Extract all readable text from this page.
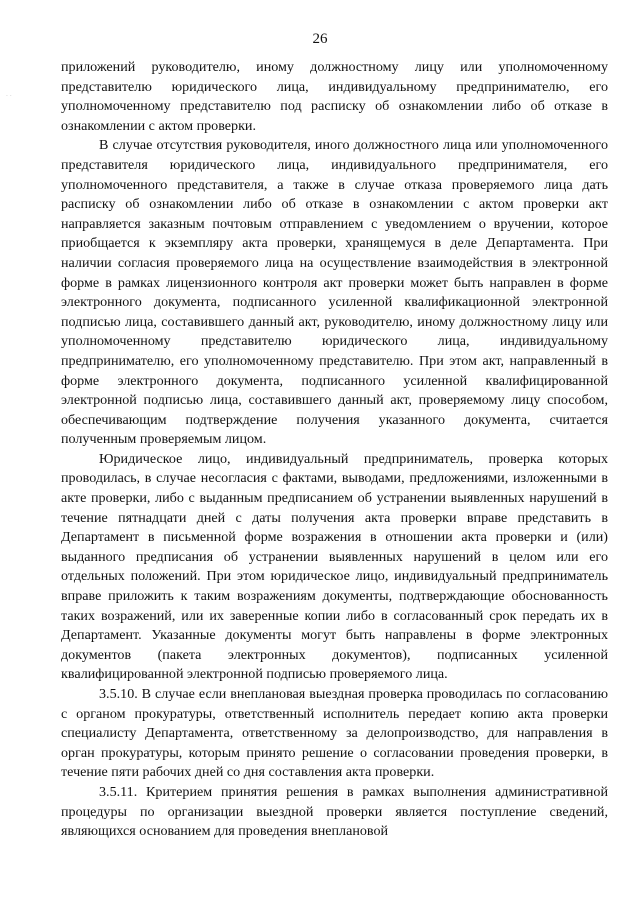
. .
26

приложений руководителю, иному должностному лицу или уполномоченному представителю юридического лица, индивидуальному предпринимателю, его уполномоченному представителю под расписку об ознакомлении либо об отказе в ознакомлении с актом проверки.

В случае отсутствия руководителя, иного должностного лица или уполномоченного представителя юридического лица, индивидуального предпринимателя, его уполномоченного представителя, а также в случае отказа проверяемого лица дать расписку об ознакомлении либо об отказе в ознакомлении с актом проверки акт направляется заказным почтовым отправлением с уведомлением о вручении, которое приобщается к экземпляру акта проверки, хранящемуся в деле Департамента. При наличии согласия проверяемого лица на осуществление взаимодействия в электронной форме в рамках лицензионного контроля акт проверки может быть направлен в форме электронного документа, подписанного усиленной квалификационной электронной подписью лица, составившего данный акт, руководителю, иному должностному лицу или уполномоченному представителю юридического лица, индивидуальному предпринимателю, его уполномоченному представителю. При этом акт, направленный в форме электронного документа, подписанного усиленной квалифицированной электронной подписью лица, составившего данный акт, проверяемому лицу способом, обеспечивающим подтверждение получения указанного документа, считается полученным проверяемым лицом.

Юридическое лицо, индивидуальный предприниматель, проверка которых проводилась, в случае несогласия с фактами, выводами, предложениями, изложенными в акте проверки, либо с выданным предписанием об устранении выявленных нарушений в течение пятнадцати дней с даты получения акта проверки вправе представить в Департамент в письменной форме возражения в отношении акта проверки и (или) выданного предписания об устранении выявленных нарушений в целом или его отдельных положений. При этом юридическое лицо, индивидуальный предприниматель вправе приложить к таким возражениям документы, подтверждающие обоснованность таких возражений, или их заверенные копии либо в согласованный срок передать их в Департамент. Указанные документы могут быть направлены в форме электронных документов (пакета электронных документов), подписанных усиленной квалифицированной электронной подписью проверяемого лица.

3.5.10. В случае если внеплановая выездная проверка проводилась по согласованию с органом прокуратуры, ответственный исполнитель передает копию акта проверки специалисту Департамента, ответственному за делопроизводство, для направления в орган прокуратуры, которым принято решение о согласовании проведения проверки, в течение пяти рабочих дней со дня составления акта проверки.

3.5.11. Критерием принятия решения в рамках выполнения административной процедуры по организации выездной проверки является поступление сведений, являющихся основанием для проведения внеплановой
